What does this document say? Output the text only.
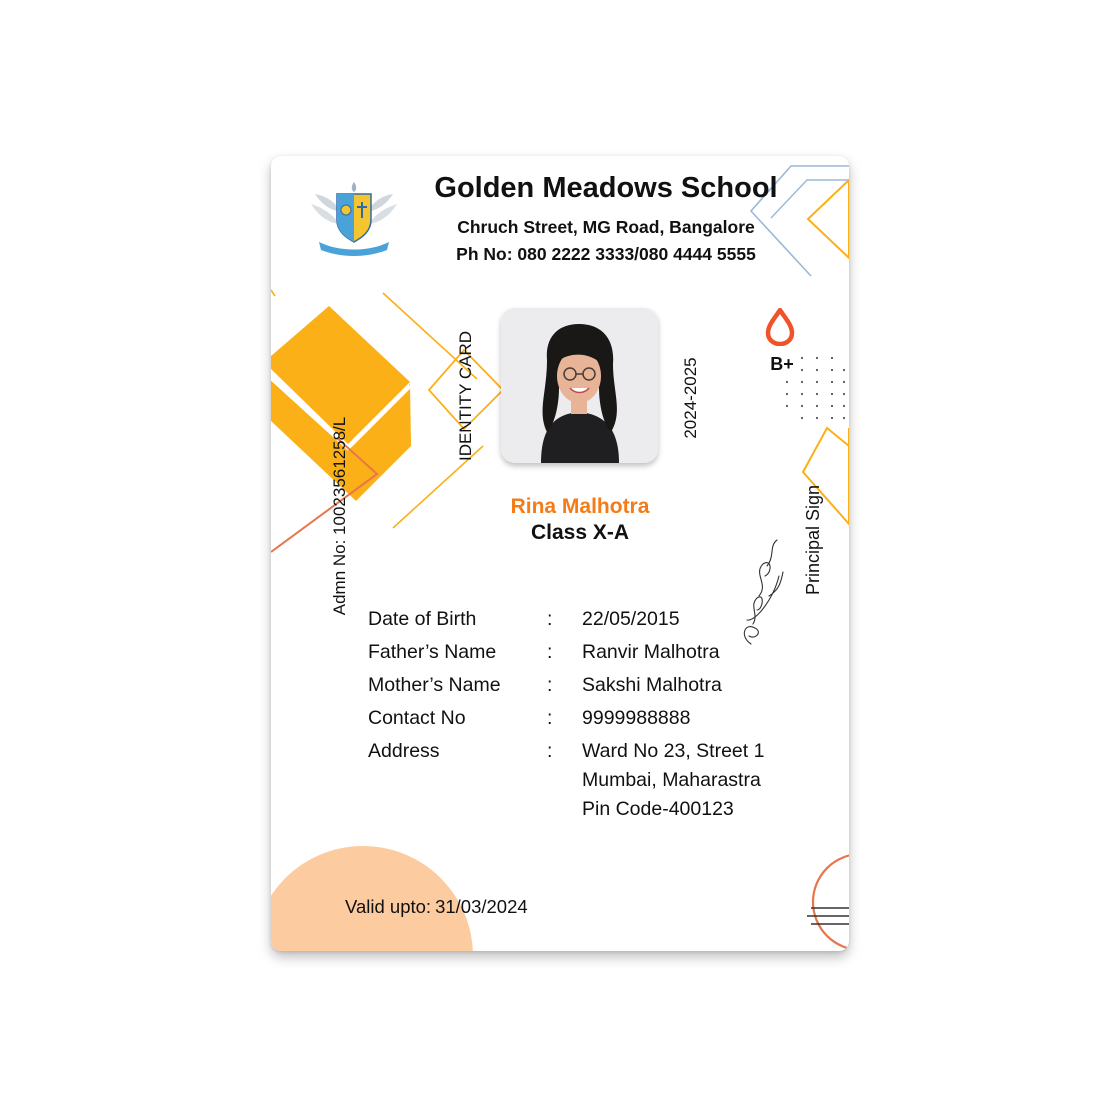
Golden Meadows School
Chruch Street, MG Road, Bangalore
Ph No: 080 2222 3333/080 4444 5555
IDENTITY CARD	2024-2025
Admn No: 10023561258/L	Principal Sign
B+
Rina Malhotra
Class X-A
Date of Birth	: 22/05/2015
Father’s Name	: Ranvir Malhotra
Mother’s Name : Sakshi Malhotra
Contact No	: 9999988888
Address	: Ward No 23, Street 1
Mumbai, Maharastra
Pin Code-400123
Valid upto: 31/03/2024
